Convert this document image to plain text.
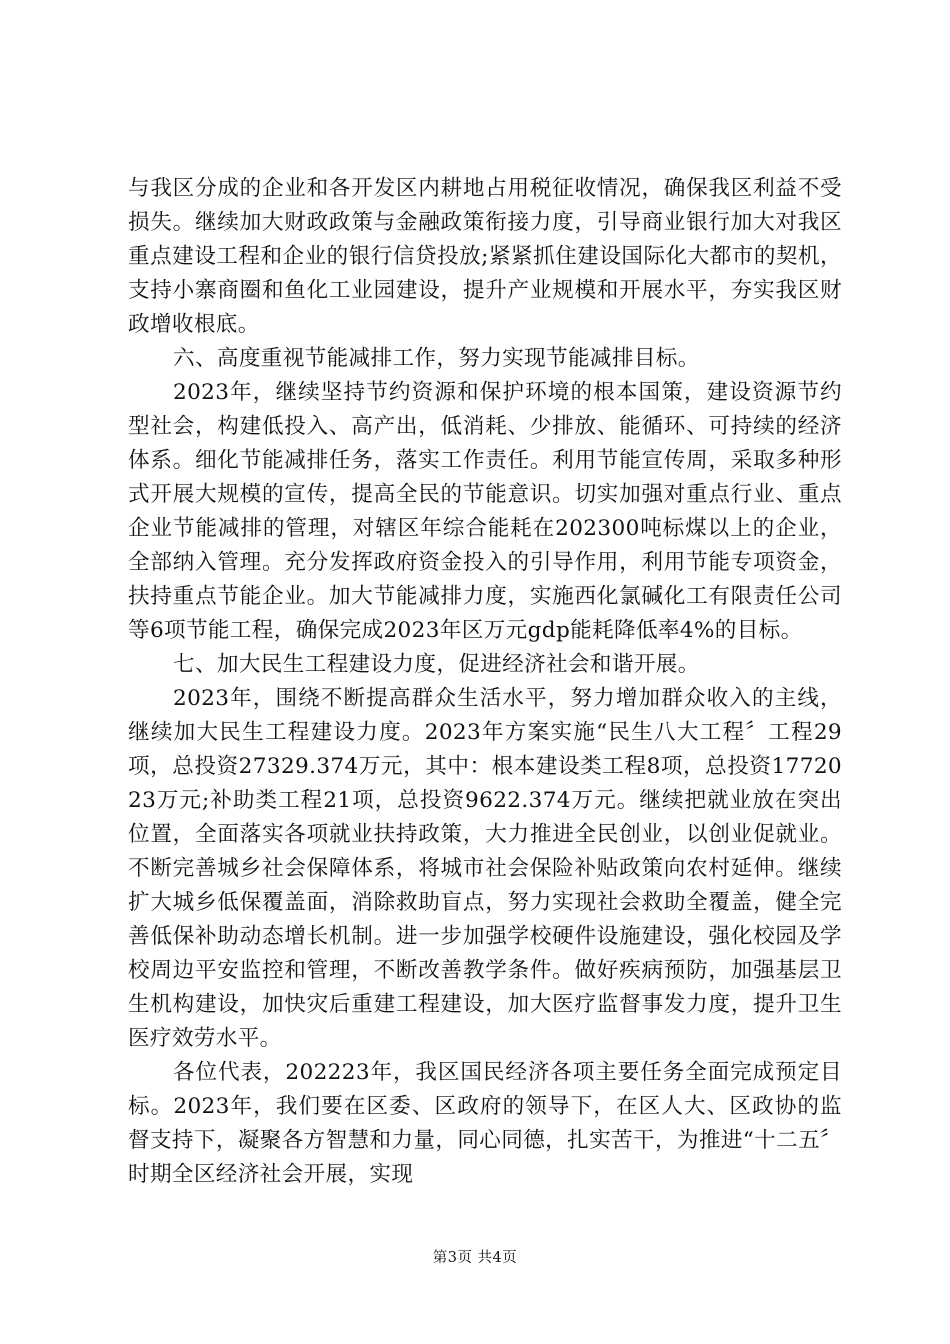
与我区分成的企业和各开发区内耕地占用税征收情况，确保我区利益不受损失。继续加大财政政策与金融政策衔接力度，引导商业银行加大对我区重点建设工程和企业的银行信贷投放;紧紧抓住建设国际化大都市的契机，支持小寨商圈和鱼化工业园建设，提升产业规模和开展水平，夯实我区财政增收根底。

六、高度重视节能减排工作，努力实现节能减排目标。

2023年，继续坚持节约资源和保护环境的根本国策，建设资源节约型社会，构建低投入、高产出，低消耗、少排放、能循环、可持续的经济体系。细化节能减排任务，落实工作责任。利用节能宣传周，采取多种形式开展大规模的宣传，提高全民的节能意识。切实加强对重点行业、重点企业节能减排的管理，对辖区年综合能耗在202300吨标煤以上的企业，全部纳入管理。充分发挥政府资金投入的引导作用，利用节能专项资金，扶持重点节能企业。加大节能减排力度，实施西化氯碱化工有限责任公司等6项节能工程，确保完成2023年区万元gdp能耗降低率4%的目标。

七、加大民生工程建设力度，促进经济社会和谐开展。

2023年，围绕不断提高群众生活水平，努力增加群众收入的主线，继续加大民生工程建设力度。2023年方案实施“民生八大工程〞工程29项，总投资27329.374万元，其中：根本建设类工程8项，总投资1772023万元;补助类工程21项，总投资9622.374万元。继续把就业放在突出位置，全面落实各项就业扶持政策，大力推进全民创业，以创业促就业。不断完善城乡社会保障体系，将城市社会保险补贴政策向农村延伸。继续扩大城乡低保覆盖面，消除救助盲点，努力实现社会救助全覆盖，健全完善低保补助动态增长机制。进一步加强学校硬件设施建设，强化校园及学校周边平安监控和管理，不断改善教学条件。做好疾病预防，加强基层卫生机构建设，加快灾后重建工程建设，加大医疗监督事发力度，提升卫生医疗效劳水平。

各位代表，202223年，我区国民经济各项主要任务全面完成预定目标。2023年，我们要在区委、区政府的领导下，在区人大、区政协的监督支持下，凝聚各方智慧和力量，同心同德，扎实苦干，为推进“十二五〞时期全区经济社会开展，实现

第3页 共4页
